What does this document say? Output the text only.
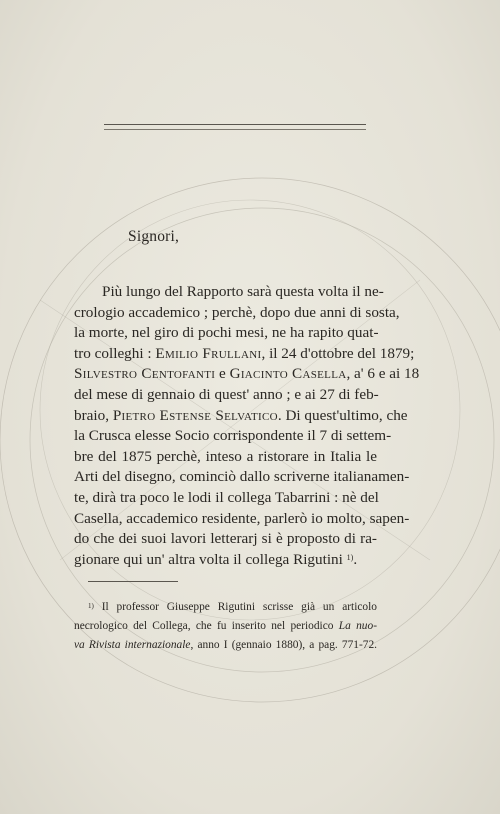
Signori,
Più lungo del Rapporto sarà questa volta il ne-
crologio accademico ; perchè, dopo due anni di sosta,
la morte, nel giro di pochi mesi, ne ha rapito quat-
tro colleghi : Emilio Frullani, il 24 d'ottobre del 1879;
Silvestro Centofanti e Giacinto Casella, a' 6 e ai 18
del mese di gennaio di quest' anno ; e ai 27 di feb-
braio, Pietro Estense Selvatico. Di quest'ultimo, che
la Crusca elesse Socio corrispondente il 7 di settem-
bre del 1875 perchè, inteso a ristorare in Italia le
Arti del disegno, cominciò dallo scriverne italianamen-
te, dirà tra poco le lodi il collega Tabarrini : nè del
Casella, accademico residente, parlerò io molto, sapen-
do che dei suoi lavori letterarj si è proposto di ra-
gionare qui un' altra volta il collega Rigutini $^{1)}$.
$^{1)}$ Il professor Giuseppe Rigutini scrisse già un articolo
necrologico del Collega, che fu inserito nel periodico La nuo-
va Rivista internazionale, anno I (gennaio 1880), a pag. 771-72.
